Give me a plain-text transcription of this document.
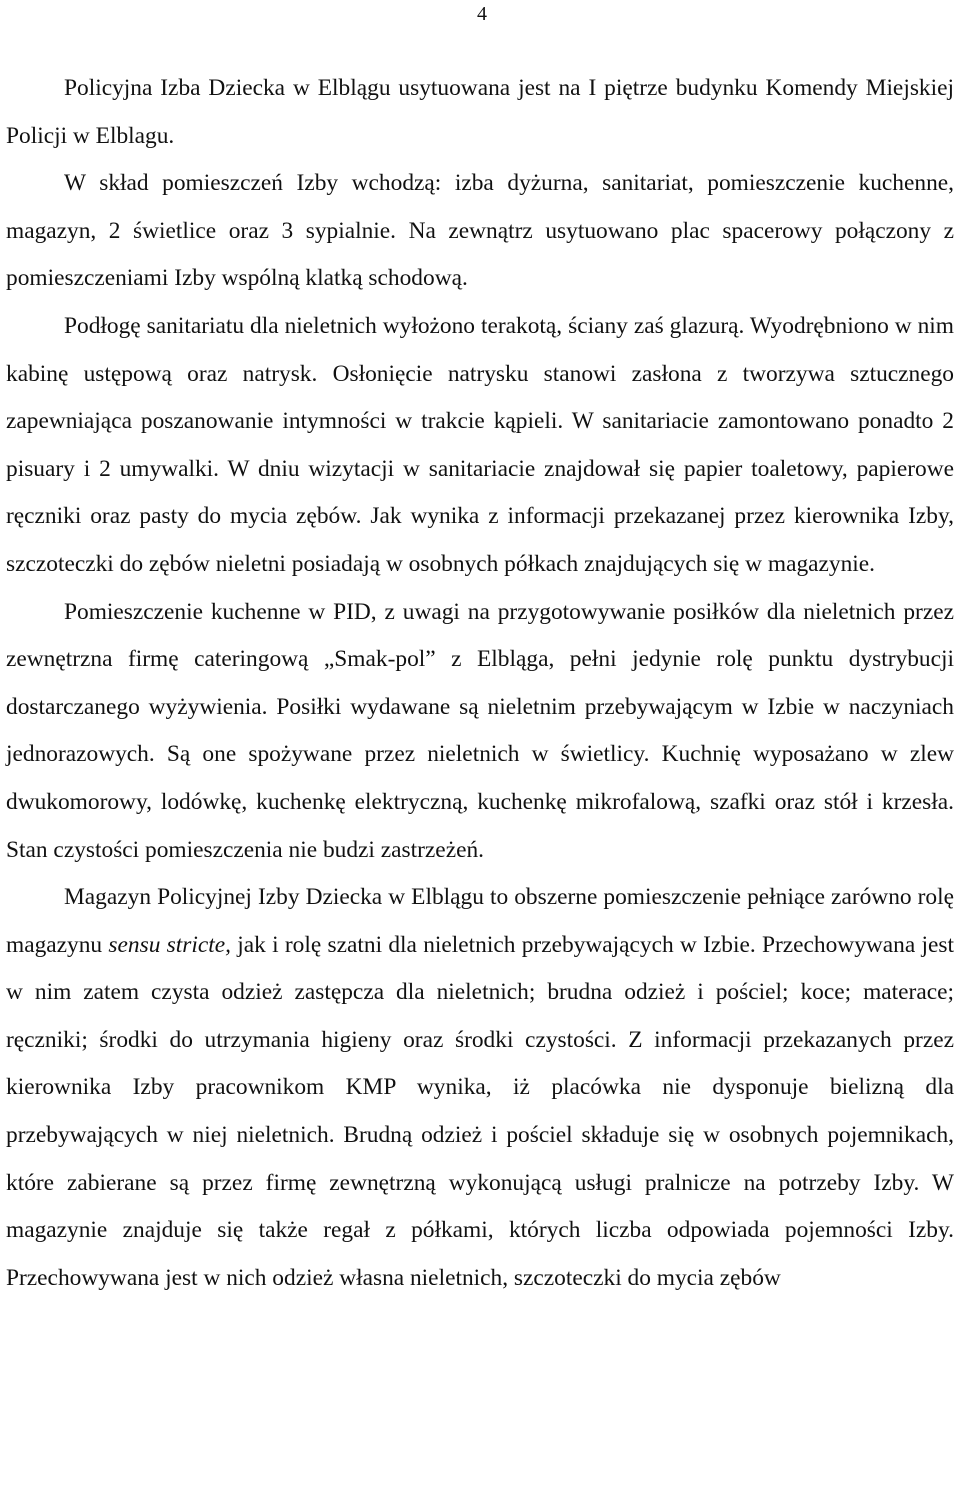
4

Policyjna Izba Dziecka w Elblągu usytuowana jest na I piętrze budynku Komendy Miejskiej Policji w Elblagu.

W skład pomieszczeń Izby wchodzą: izba dyżurna, sanitariat, pomieszczenie kuchenne, magazyn, 2 świetlice oraz 3 sypialnie. Na zewnątrz usytuowano plac spacerowy połączony z pomieszczeniami Izby wspólną klatką schodową.

Podłogę sanitariatu dla nieletnich wyłożono terakotą, ściany zaś glazurą. Wyodrębniono w nim kabinę ustępową oraz natrysk. Osłonięcie natrysku stanowi zasłona z tworzywa sztucznego zapewniająca poszanowanie intymności w trakcie kąpieli. W sanitariacie zamontowano ponadto 2 pisuary i 2 umywalki. W dniu wizytacji w sanitariacie znajdował się papier toaletowy, papierowe ręczniki oraz pasty do mycia zębów. Jak wynika z informacji przekazanej przez kierownika Izby, szczoteczki do zębów nieletni posiadają w osobnych półkach znajdujących się w magazynie.

Pomieszczenie kuchenne w PID, z uwagi na przygotowywanie posiłków dla nieletnich przez zewnętrzna firmę cateringową „Smak-pol” z Elbląga, pełni jedynie rolę punktu dystrybucji dostarczanego wyżywienia. Posiłki wydawane są nieletnim przebywającym w Izbie w naczyniach jednorazowych. Są one spożywane przez nieletnich w świetlicy. Kuchnię wyposażano w zlew dwukomorowy, lodówkę, kuchenkę elektryczną, kuchenkę mikrofalową, szafki oraz stół i krzesła. Stan czystości pomieszczenia nie budzi zastrzeżeń.

Magazyn Policyjnej Izby Dziecka w Elblągu to obszerne pomieszczenie pełniące zarówno rolę magazynu sensu stricte, jak i rolę szatni dla nieletnich przebywających w Izbie. Przechowywana jest w nim zatem czysta odzież zastępcza dla nieletnich; brudna odzież i pościel; koce; materace; ręczniki; środki do utrzymania higieny oraz środki czystości. Z informacji przekazanych przez kierownika Izby pracownikom KMP wynika, iż placówka nie dysponuje bielizną dla przebywających w niej nieletnich. Brudną odzież i pościel składuje się w osobnych pojemnikach, które zabierane są przez firmę zewnętrzną wykonującą usługi pralnicze na potrzeby Izby. W magazynie znajduje się także regał z półkami, których liczba odpowiada pojemności Izby. Przechowywana jest w nich odzież własna nieletnich, szczoteczki do mycia zębów
